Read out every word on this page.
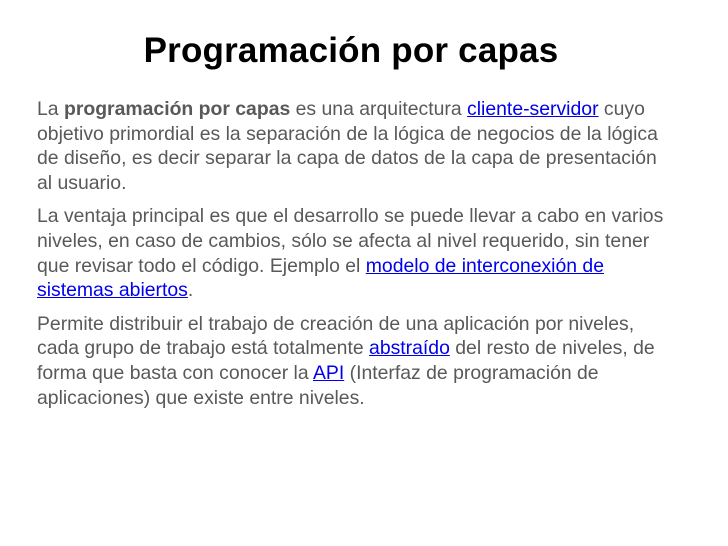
Programación por capas

La programación por capas es una arquitectura cliente-servidor cuyo objetivo primordial es la separación de la lógica de negocios de la lógica de diseño, es decir separar la capa de datos de la capa de presentación al usuario.

La ventaja principal es que el desarrollo se puede llevar a cabo en varios niveles, en caso de cambios, sólo se afecta al nivel requerido, sin tener que revisar todo el código. Ejemplo el modelo de interconexión de sistemas abiertos.

Permite distribuir el trabajo de creación de una aplicación por niveles, cada grupo de trabajo está totalmente abstraído del resto de niveles, de forma que basta con conocer la API (Interfaz de programación de aplicaciones) que existe entre niveles.
